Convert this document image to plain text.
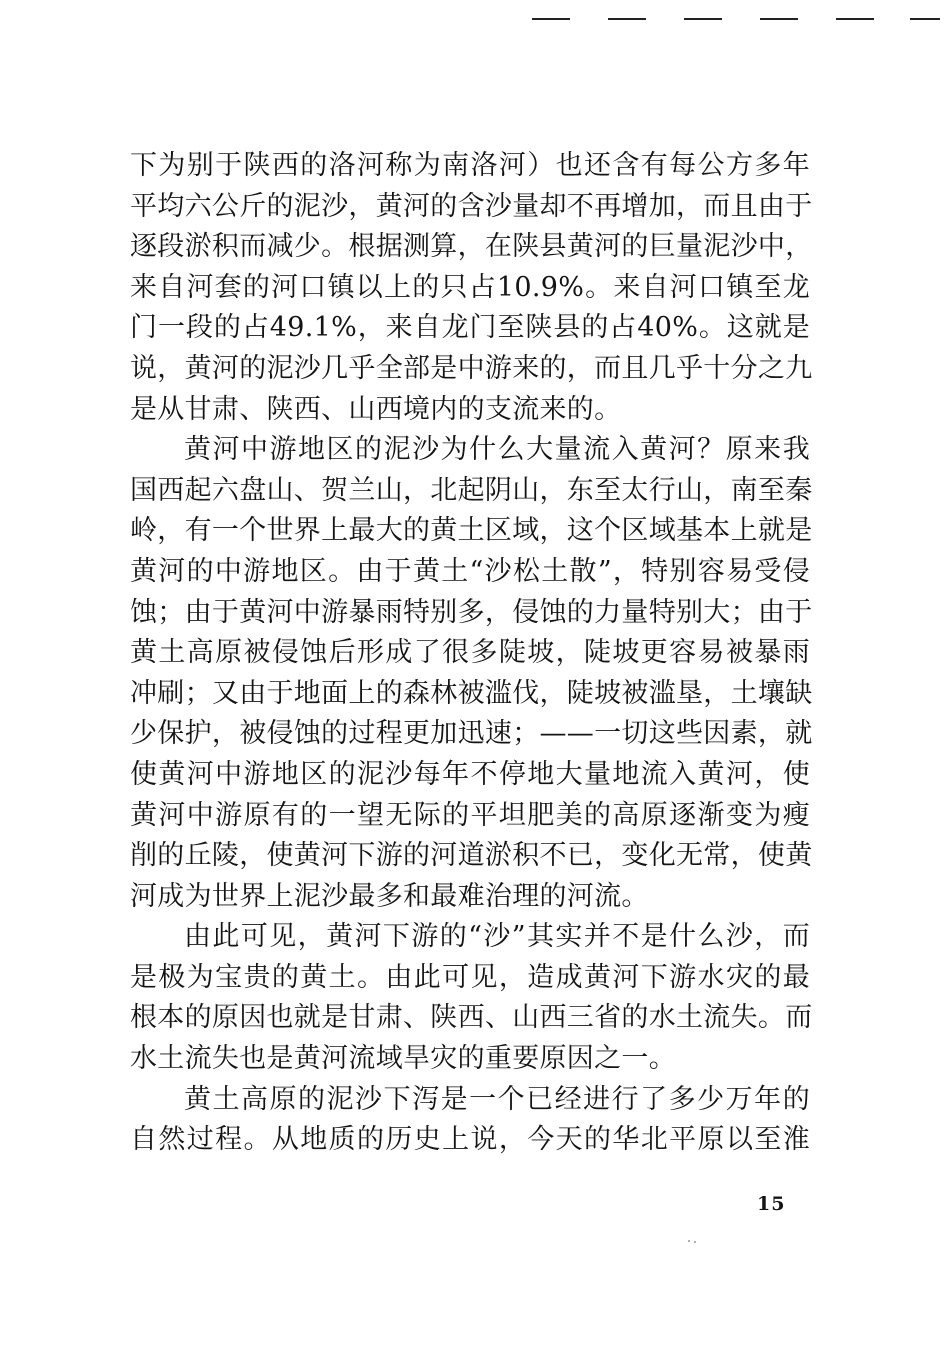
下为别于陕西的洛河称为南洛河）也还含有每公方多年

平均六公斤的泥沙，黄河的含沙量却不再增加，而且由于

逐段淤积而减少。根据测算，在陕县黄河的巨量泥沙中，

来自河套的河口镇以上的只占10.9%。来自河口镇至龙

门一段的占49.1%，来自龙门至陕县的占40%。这就是

说，黄河的泥沙几乎全部是中游来的，而且几乎十分之九

是从甘肃、陕西、山西境内的支流来的。

黄河中游地区的泥沙为什么大量流入黄河？原来我

国西起六盘山、贺兰山，北起阴山，东至太行山，南至秦

岭，有一个世界上最大的黄土区域，这个区域基本上就是

黄河的中游地区。由于黄土“沙松土散”，特别容易受侵

蚀；由于黄河中游暴雨特别多，侵蚀的力量特别大；由于

黄土高原被侵蚀后形成了很多陡坡，陡坡更容易被暴雨

冲刷；又由于地面上的森林被滥伐，陡坡被滥垦，土壤缺

少保护，被侵蚀的过程更加迅速；——一切这些因素，就

使黄河中游地区的泥沙每年不停地大量地流入黄河，使

黄河中游原有的一望无际的平坦肥美的高原逐渐变为瘦

削的丘陵，使黄河下游的河道淤积不已，变化无常，使黄

河成为世界上泥沙最多和最难治理的河流。

由此可见，黄河下游的“沙”其实并不是什么沙，而

是极为宝贵的黄土。由此可见，造成黄河下游水灾的最

根本的原因也就是甘肃、陕西、山西三省的水土流失。而

水土流失也是黄河流域旱灾的重要原因之一。

黄土高原的泥沙下泻是一个已经进行了多少万年的

自然过程。从地质的历史上说，今天的华北平原以至淮

15
